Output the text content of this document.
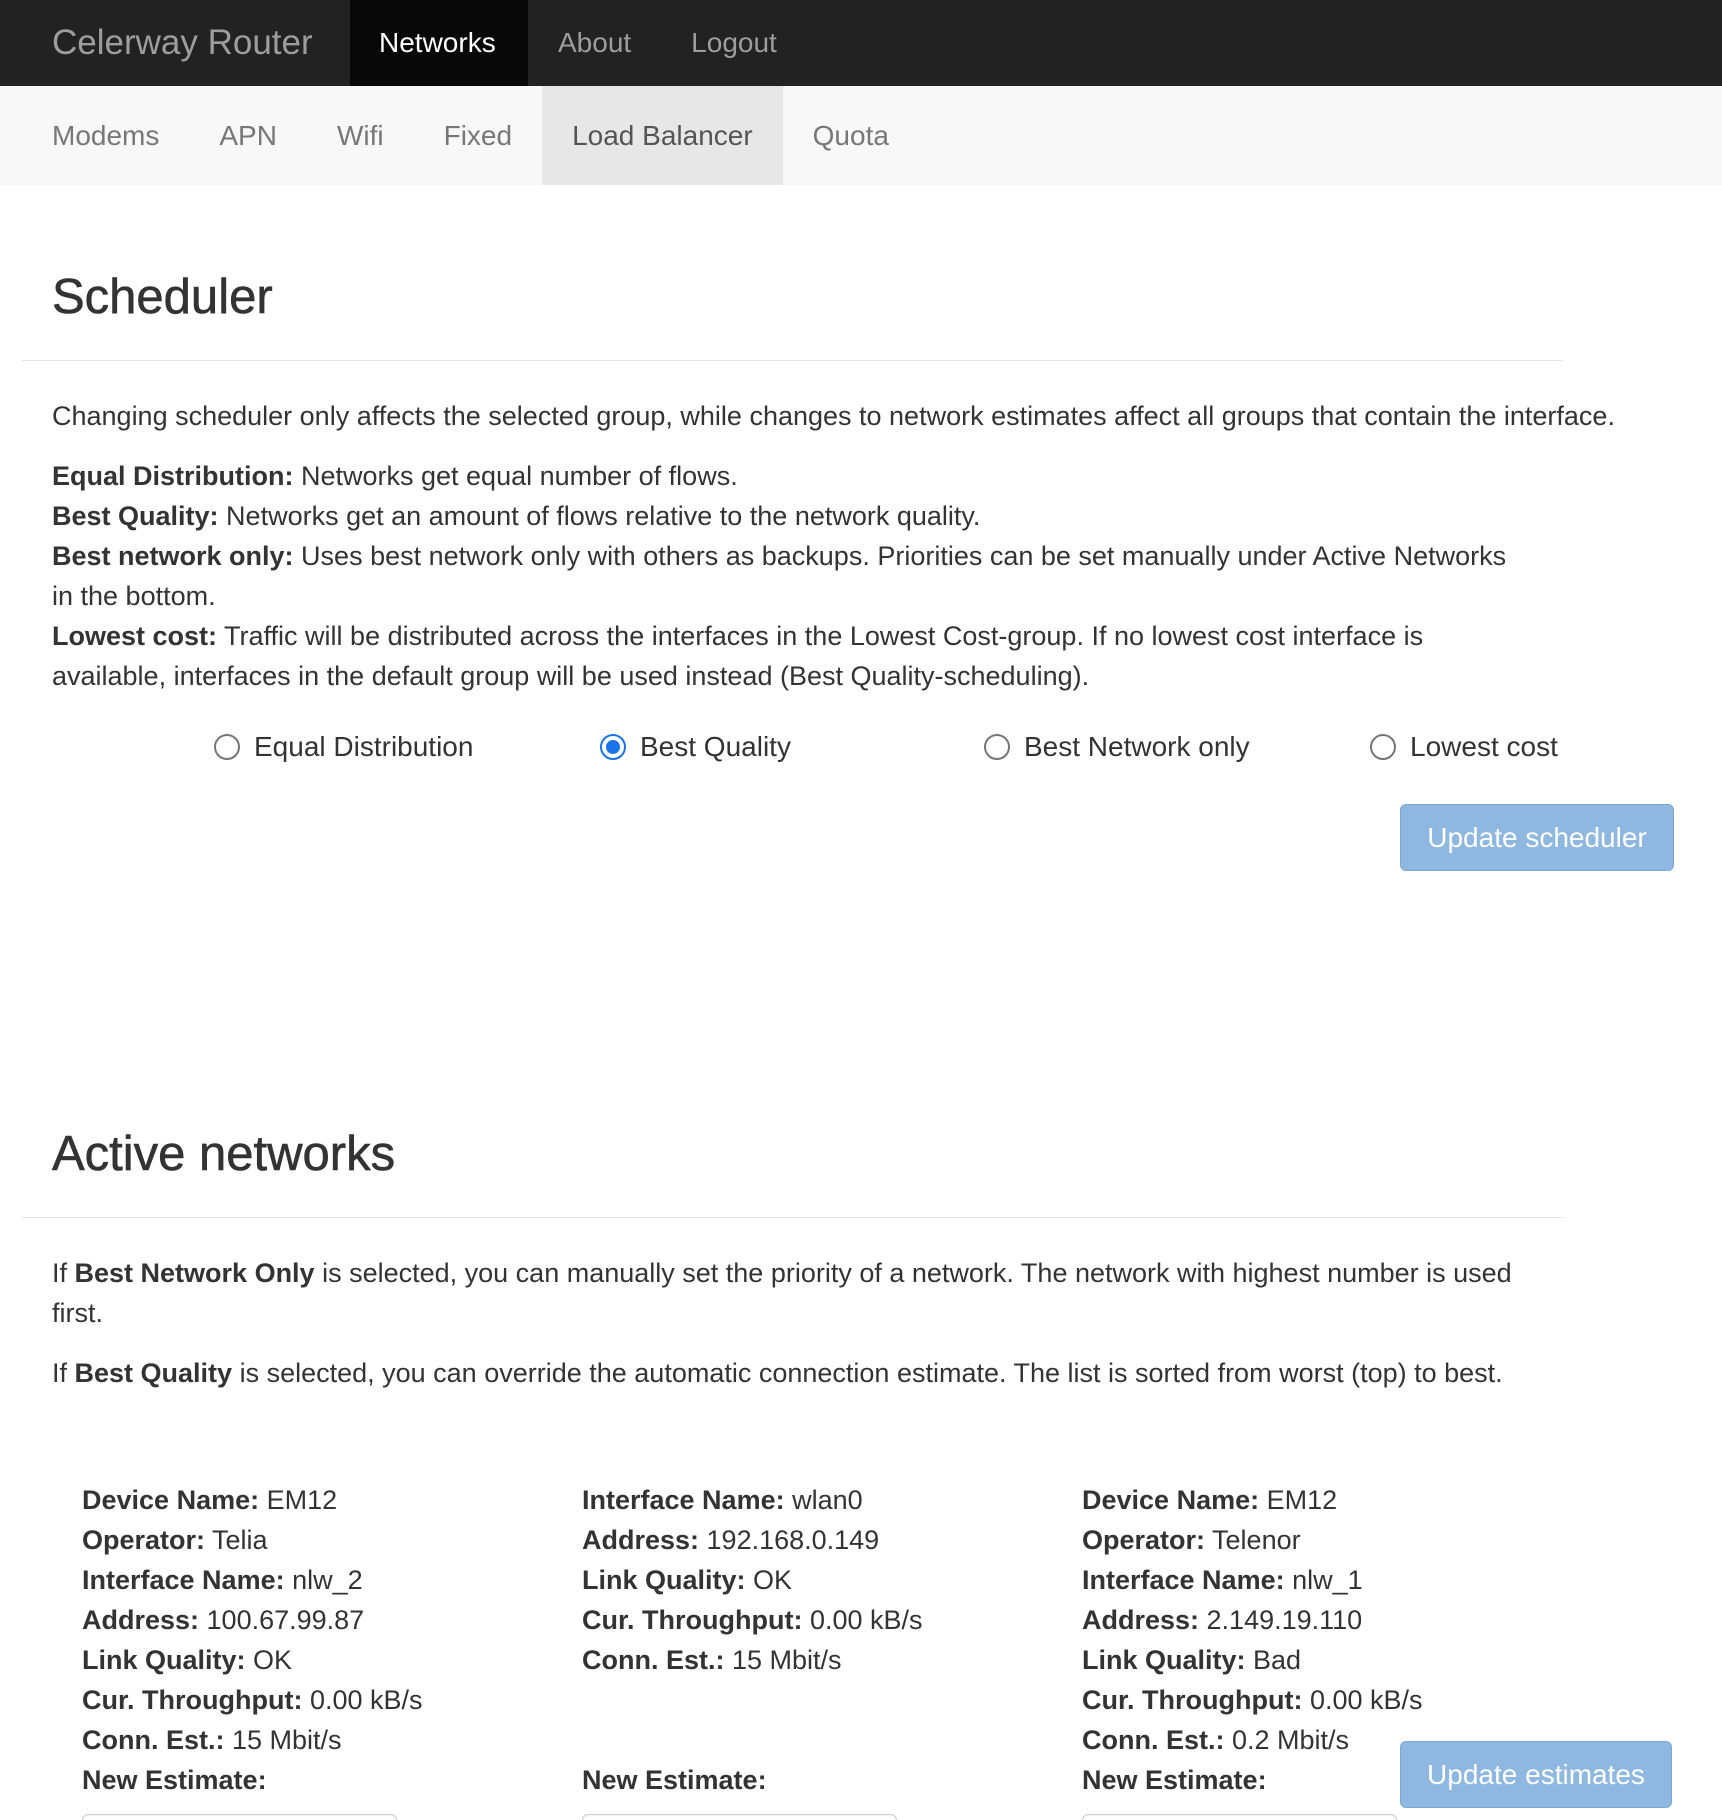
Celerway Router	Networks	About	Logout
Modems	APN	Wifi	Fixed	Load Balancer	Quota
Scheduler

Changing scheduler only affects the selected group, while changes to network estimates affect all groups that contain the interface.

Equal Distribution: Networks get equal number of flows.
Best Quality: Networks get an amount of flows relative to the network quality.
Best network only: Uses best network only with others as backups. Priorities can be set manually under Active Networks in the bottom.
Lowest cost: Traffic will be distributed across the interfaces in the Lowest Cost-group. If no lowest cost interface is available, interfaces in the default group will be used instead (Best Quality-scheduling).

Equal Distribution	Best Quality	Best Network only	Lowest cost
Update scheduler
Active networks

If Best Network Only is selected, you can manually set the priority of a network. The network with highest number is used first.

If Best Quality is selected, you can override the automatic connection estimate. The list is sorted from worst (top) to best.

Device Name: EM12
Operator: Telia
Interface Name: nlw_2
Address: 100.67.99.87
Link Quality: OK
Cur. Throughput: 0.00 kB/s
Conn. Est.: 15 Mbit/s
New Estimate:
Interface Name: wlan0
Address: 192.168.0.149
Link Quality: OK
Cur. Throughput: 0.00 kB/s
Conn. Est.: 15 Mbit/s
New Estimate:
Device Name: EM12
Operator: Telenor
Interface Name: nlw_1
Address: 2.149.19.110
Link Quality: Bad
Cur. Throughput: 0.00 kB/s
Conn. Est.: 0.2 Mbit/s
New Estimate:	Update estimates
